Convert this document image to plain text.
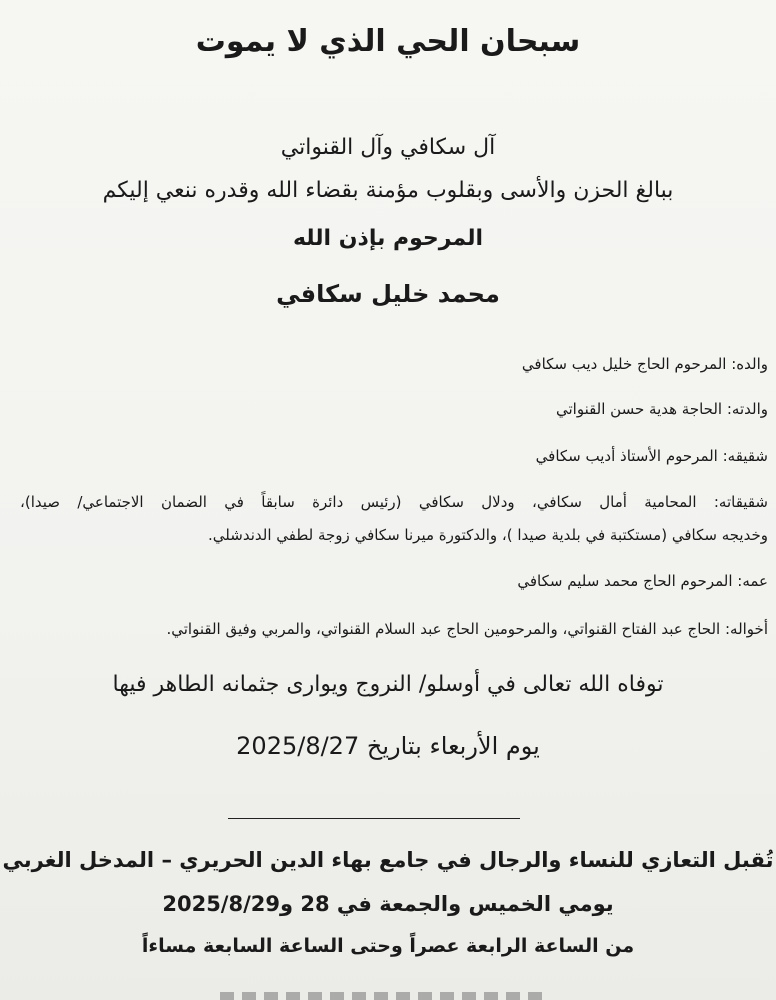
سبحان الحي الذي لا يموت
آل سكافي وآل القنواتي
ببالغ الحزن والأسى وبقلوب مؤمنة بقضاء الله وقدره ننعي إليكم
المرحوم بإذن الله
محمد خليل سكافي
والده: المرحوم الحاج خليل ديب سكافي
والدته: الحاجة هدية حسن القنواتي
شقيقه: المرحوم الأستاذ أديب سكافي
شقيقاته: المحامية أمال سكافي، ودلال سكافي (رئيس دائرة سابقاً في الضمان الاجتماعي/ صيدا)،
وخديجه سكافي (مستكتبة في بلدية صيدا )، والدكتورة ميرنا سكافي زوجة لطفي الدندشلي.
عمه: المرحوم الحاج محمد سليم سكافي
أخواله: الحاج عبد الفتاح القنواتي، والمرحومين الحاج عبد السلام القنواتي، والمربي وفيق القنواتي.
توفاه الله تعالى في أوسلو/ النروج ويوارى جثمانه الطاهر فيها
يوم الأربعاء بتاريخ 2025/8/27
تُقبل التعازي للنساء والرجال في جامع بهاء الدين الحريري – المدخل الغربي
يومي الخميس والجمعة في 28 و2025/8/29
من الساعة الرابعة عصراً وحتى الساعة السابعة مساءاً
